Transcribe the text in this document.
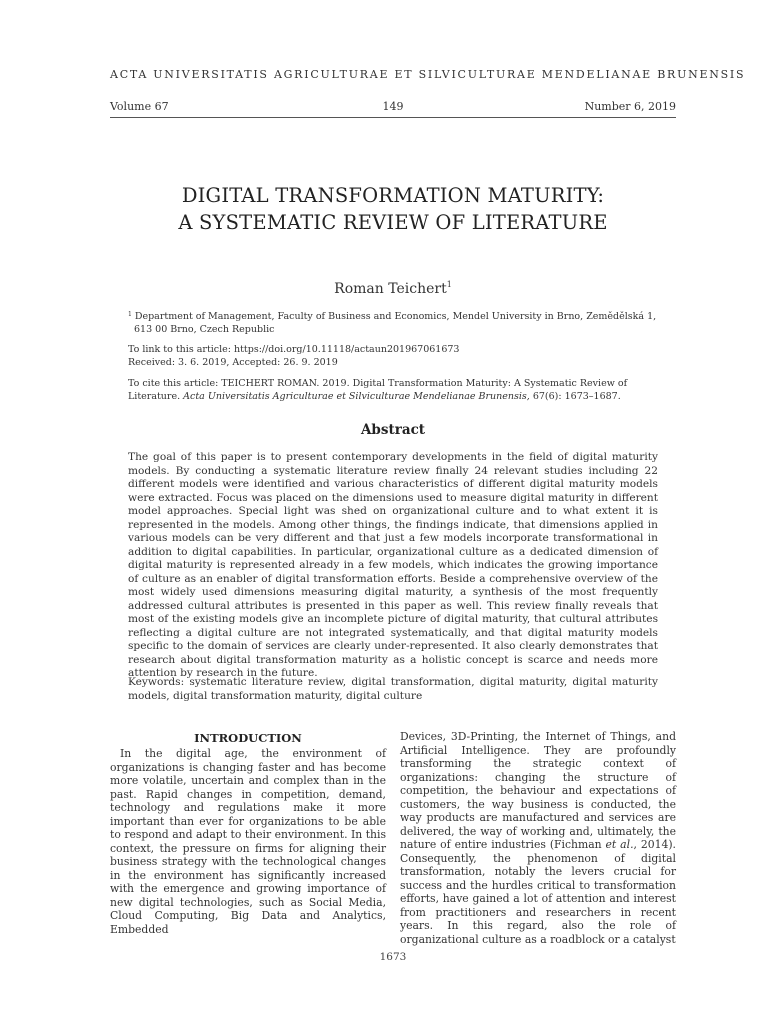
ACTA UNIVERSITATIS AGRICULTURAE ET SILVICULTURAE MENDELIANAE BRUNENSIS
Volume 67	149	Number 6, 2019
DIGITAL TRANSFORMATION MATURITY:
A SYSTEMATIC REVIEW OF LITERATURE
Roman Teichert$^1$
$^1$ Department of Management, Faculty of Business and Economics, Mendel University in Brno, Zemědělská 1, 613 00 Brno, Czech Republic
To link to this article: https://doi.org/10.11118/actaun201967061673
Received: 3. 6. 2019, Accepted: 26. 9. 2019
To cite this article: TEICHERT ROMAN. 2019. Digital Transformation Maturity: A Systematic Review of Literature. Acta Universitatis Agriculturae et Silviculturae Mendelianae Brunensis, 67(6): 1673–1687.
Abstract

The goal of this paper is to present contemporary developments in the field of digital maturity models. By conducting a systematic literature review finally 24 relevant studies including 22 different models were identified and various characteristics of different digital maturity models were extracted. Focus was placed on the dimensions used to measure digital maturity in different model approaches. Special light was shed on organizational culture and to what extent it is represented in the models. Among other things, the findings indicate, that dimensions applied in various models can be very different and that just a few models incorporate transformational in addition to digital capabilities. In particular, organizational culture as a dedicated dimension of digital maturity is represented already in a few models, which indicates the growing importance of culture as an enabler of digital transformation efforts. Beside a comprehensive overview of the most widely used dimensions measuring digital maturity, a synthesis of the most frequently addressed cultural attributes is presented in this paper as well. This review finally reveals that most of the existing models give an incomplete picture of digital maturity, that cultural attributes reflecting a digital culture are not integrated systematically, and that digital maturity models specific to the domain of services are clearly under-represented. It also clearly demonstrates that research about digital transformation maturity as a holistic concept is scarce and needs more attention by research in the future.

Keywords: systematic literature review, digital transformation, digital maturity, digital maturity models, digital transformation maturity, digital culture

INTRODUCTION

In the digital age, the environment of organizations is changing faster and has become more volatile, uncertain and complex than in the past. Rapid changes in competition, demand, technology and regulations make it more important than ever for organizations to be able to respond and adapt to their environment. In this context, the pressure on firms for aligning their business strategy with the technological changes in the environment has significantly increased with the emergence and growing importance of new digital technologies, such as Social Media, Cloud Computing, Big Data and Analytics, Embedded

Devices, 3D-Printing, the Internet of Things, and Artificial Intelligence. They are profoundly transforming the strategic context of organizations: changing the structure of competition, the behaviour and expectations of customers, the way business is conducted, the way products are manufactured and services are delivered, the way of working and, ultimately, the nature of entire industries (Fichman et al., 2014). Consequently, the phenomenon of digital transformation, notably the levers crucial for success and the hurdles critical to transformation efforts, have gained a lot of attention and interest from practitioners and researchers in recent years. In this regard, also the role of organizational culture as a roadblock or a catalyst

1673
